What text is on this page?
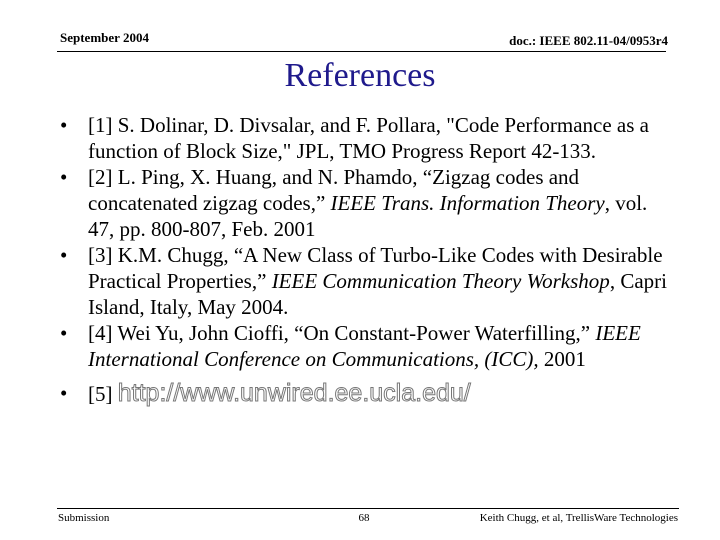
September 2004	doc.: IEEE 802.11-04/0953r4
References
• [1] S. Dolinar, D. Divsalar, and F. Pollara, "Code Performance as a function of Block Size," JPL, TMO Progress Report 42-133.
• [2] L. Ping, X. Huang, and N. Phamdo, “Zigzag codes and concatenated zigzag codes,” IEEE Trans. Information Theory, vol. 47, pp. 800-807, Feb. 2001
• [3] K.M. Chugg, “A New Class of Turbo-Like Codes with Desirable Practical Properties,” IEEE Communication Theory Workshop, Capri Island, Italy, May 2004.
• [4] Wei Yu, John Cioffi, “On Constant-Power Waterfilling,” IEEE International Conference on Communications, (ICC), 2001
• [5] http://www.unwired.ee.ucla.edu/
Submission	68	Keith Chugg, et al, TrellisWare Technologies
